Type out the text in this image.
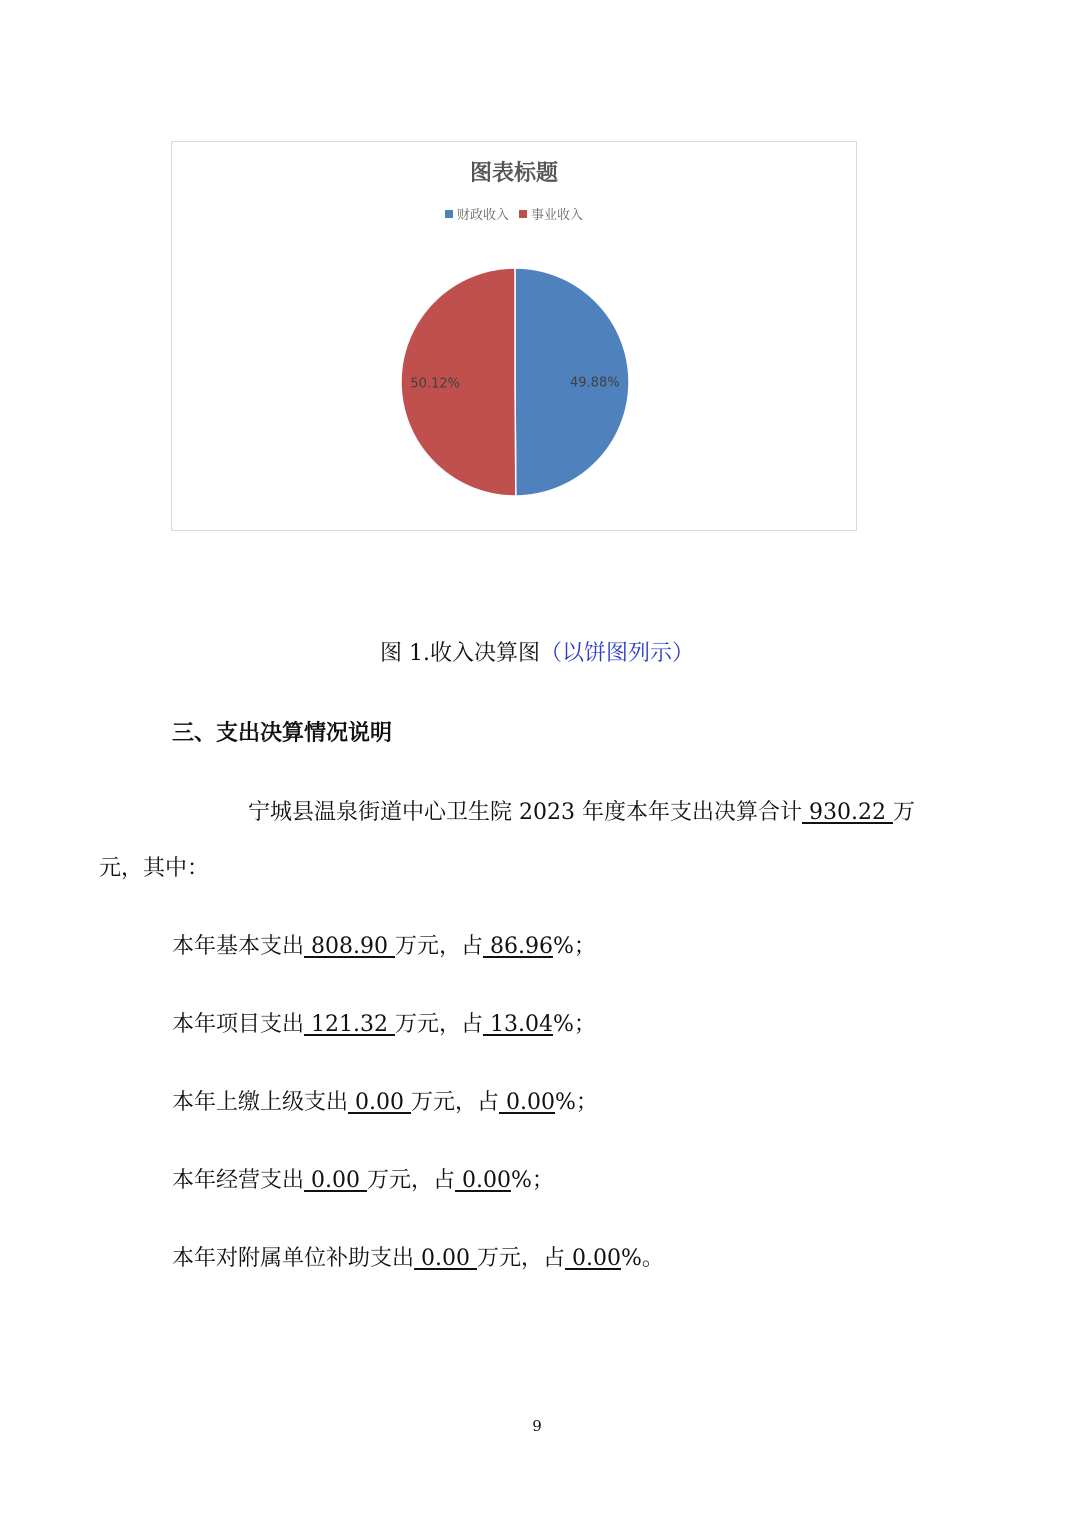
图表标题
财政收入 事业收入
49.88%
50.12%
图 1.收入决算图（以饼图列示）
三、支出决算情况说明
宁城县温泉街道中心卫生院 2023 年度本年支出决算合计 930.22 万
元，其中：
本年基本支出 808.90 万元，占 86.96%；
本年项目支出 121.32 万元，占 13.04%；
本年上缴上级支出 0.00 万元，占 0.00%；
本年经营支出 0.00 万元，占 0.00%；
本年对附属单位补助支出 0.00 万元，占 0.00%。
9
